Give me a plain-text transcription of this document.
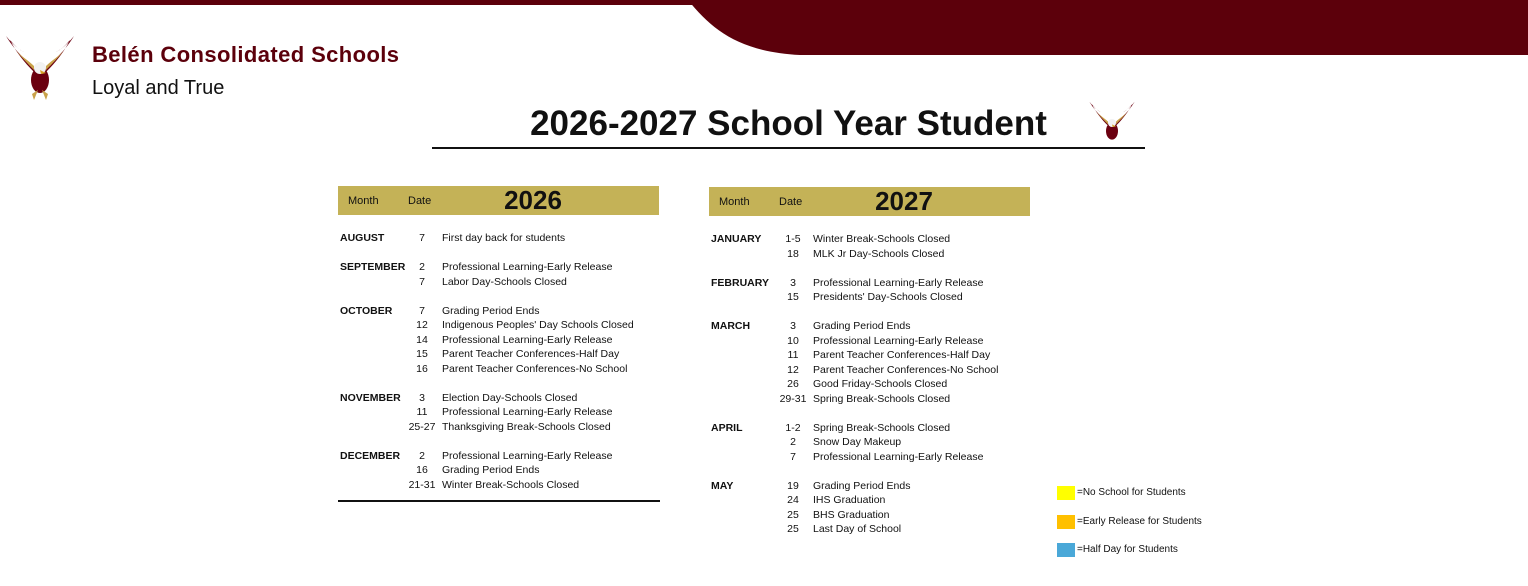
Belén Consolidated Schools
Loyal and True
2026-2027 School Year Student
Month	Date	2026
AUGUST	7	First day back for students
SEPTEMBER	2	Professional Learning-Early Release
7	Labor Day-Schools Closed
OCTOBER	7	Grading Period Ends
12	Indigenous Peoples' Day Schools Closed
14	Professional Learning-Early Release
15	Parent Teacher Conferences-Half Day
16	Parent Teacher Conferences-No School
NOVEMBER	3	Election Day-Schools Closed
11	Professional Learning-Early Release
25-27 Thanksgiving Break-Schools Closed
DECEMBER	2	Professional Learning-Early Release
16	Grading Period Ends
21-31 Winter Break-Schools Closed
Month	Date	2027
JANUARY	1-5	Winter Break-Schools Closed
18	MLK Jr Day-Schools Closed
FEBRUARY	3	Professional Learning-Early Release
15	Presidents' Day-Schools Closed
MARCH	3	Grading Period Ends
10	Professional Learning-Early Release
11	Parent Teacher Conferences-Half Day
12	Parent Teacher Conferences-No School
26	Good Friday-Schools Closed
29-31 Spring Break-Schools Closed
APRIL	1-2	Spring Break-Schools Closed
2	Snow Day Makeup
7	Professional Learning-Early Release
MAY	19	Grading Period Ends
24	IHS Graduation
25	BHS Graduation
25	Last Day of School
=No School for Students
=Early Release for Students
=Half Day for Students
